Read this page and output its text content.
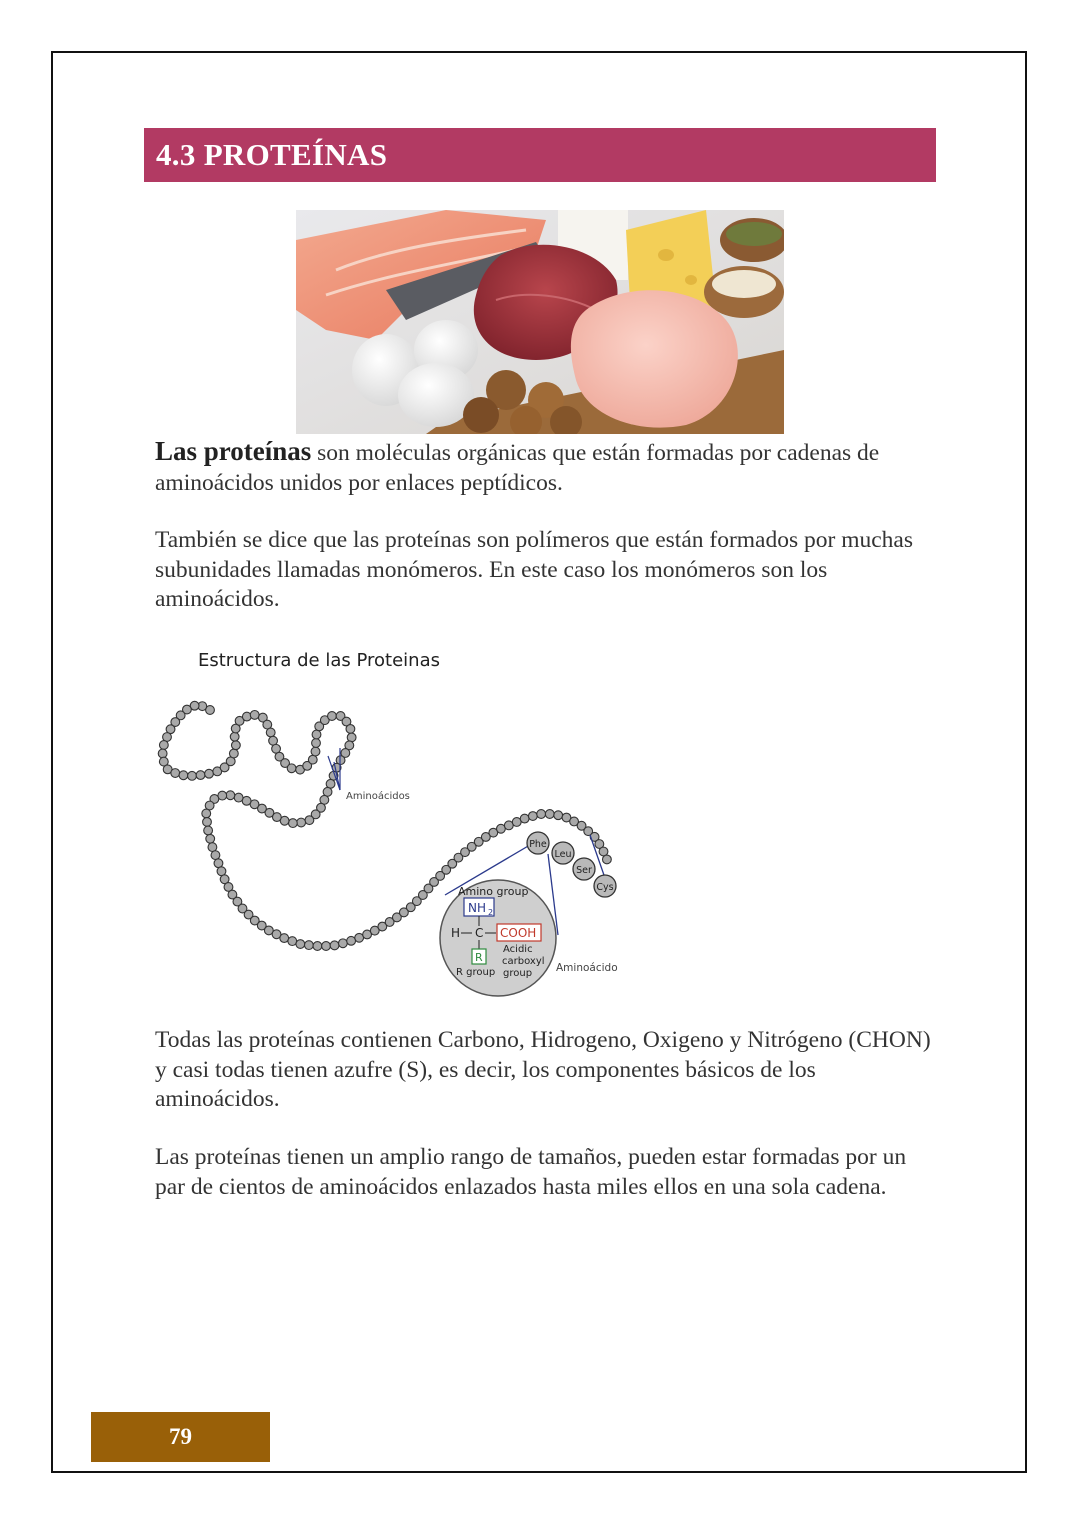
4.3 PROTEÍNAS

Las proteínas son moléculas orgánicas que están formadas por cadenas de aminoácidos unidos por enlaces peptídicos.

También se dice que las proteínas son polímeros que están formados por muchas subunidades llamadas monómeros. En este caso los monómeros son los aminoácidos.

Estructura de las Proteinas
Aminoácidos
Phe
Leu
Ser
Cys
Amino group
NH 2
H C COOH
R
R group
Acidic
carboxyl
group Aminoácido

Todas las proteínas contienen Carbono, Hidrogeno, Oxigeno y Nitrógeno (CHON) y casi todas tienen azufre (S), es decir, los componentes básicos de los aminoácidos.

Las proteínas tienen un amplio rango de tamaños, pueden estar formadas por un par de cientos de aminoácidos enlazados hasta miles ellos en una sola cadena.

79
